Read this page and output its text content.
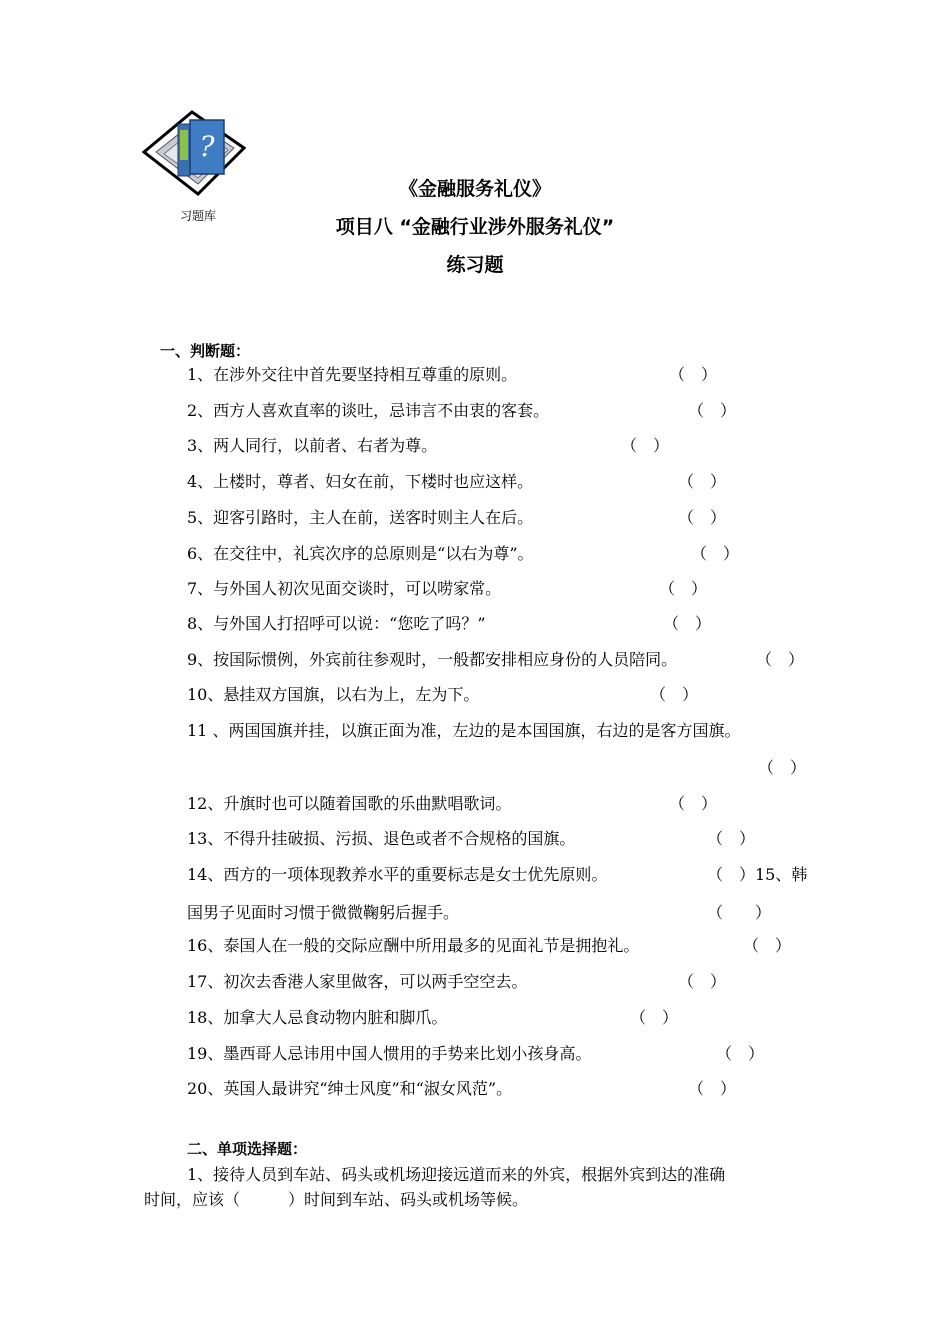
?
习题库
《金融服务礼仪》
项目八 “金融行业涉外服务礼仪”
练习题
一、判断题：
1、在涉外交往中首先要坚持相互尊重的原则。	（　）
2、西方人喜欢直率的谈吐，忌讳言不由衷的客套。	（　）
3、两人同行，以前者、右者为尊。	（　）
4、上楼时，尊者、妇女在前，下楼时也应这样。	（　）
5、迎客引路时，主人在前，送客时则主人在后。	（　）
6、在交往中，礼宾次序的总原则是“以右为尊”。	（　）
7、与外国人初次见面交谈时，可以唠家常。	（　）
8、与外国人打招呼可以说：“您吃了吗？”	（　）
9、按国际惯例，外宾前往参观时，一般都安排相应身份的人员陪同。	（　）
10、悬挂双方国旗，以右为上，左为下。	（　）
11 、两国国旗并挂，以旗正面为准，左边的是本国国旗，右边的是客方国旗。
（　）
12、升旗时也可以随着国歌的乐曲默唱歌词。	（　）
13、不得升挂破损、污损、退色或者不合规格的国旗。	（　）
14、西方的一项体现教养水平的重要标志是女士优先原则。	（　）15、韩
国男子见面时习惯于微微鞠躬后握手。	（　　）
16、泰国人在一般的交际应酬中所用最多的见面礼节是拥抱礼。	（　）
17、初次去香港人家里做客，可以两手空空去。	（　）
18、加拿大人忌食动物内脏和脚爪。	（　）
19、墨西哥人忌讳用中国人惯用的手势来比划小孩身高。	（　）
20、英国人最讲究“绅士风度”和“淑女风范”。	（　）
二、单项选择题：
1、接待人员到车站、码头或机场迎接远道而来的外宾，根据外宾到达的准确
时间，应该（　　　）时间到车站、码头或机场等候。
